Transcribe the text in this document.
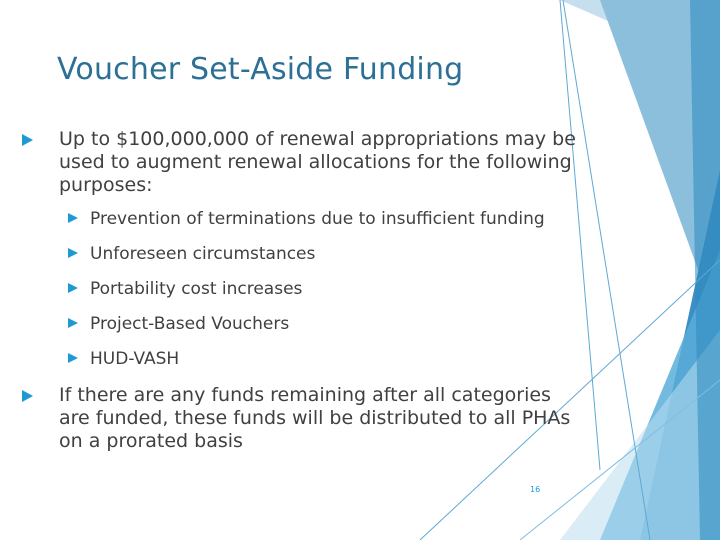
Voucher Set-Aside Funding
Up to $100,000,000 of renewal appropriations may be used to augment renewal allocations for the following purposes:
Prevention of terminations due to insufficient funding
Unforeseen circumstances
Portability cost increases
Project-Based Vouchers
HUD-VASH
If there are any funds remaining after all categories are funded, these funds will be distributed to all PHAs on a prorated basis
16
